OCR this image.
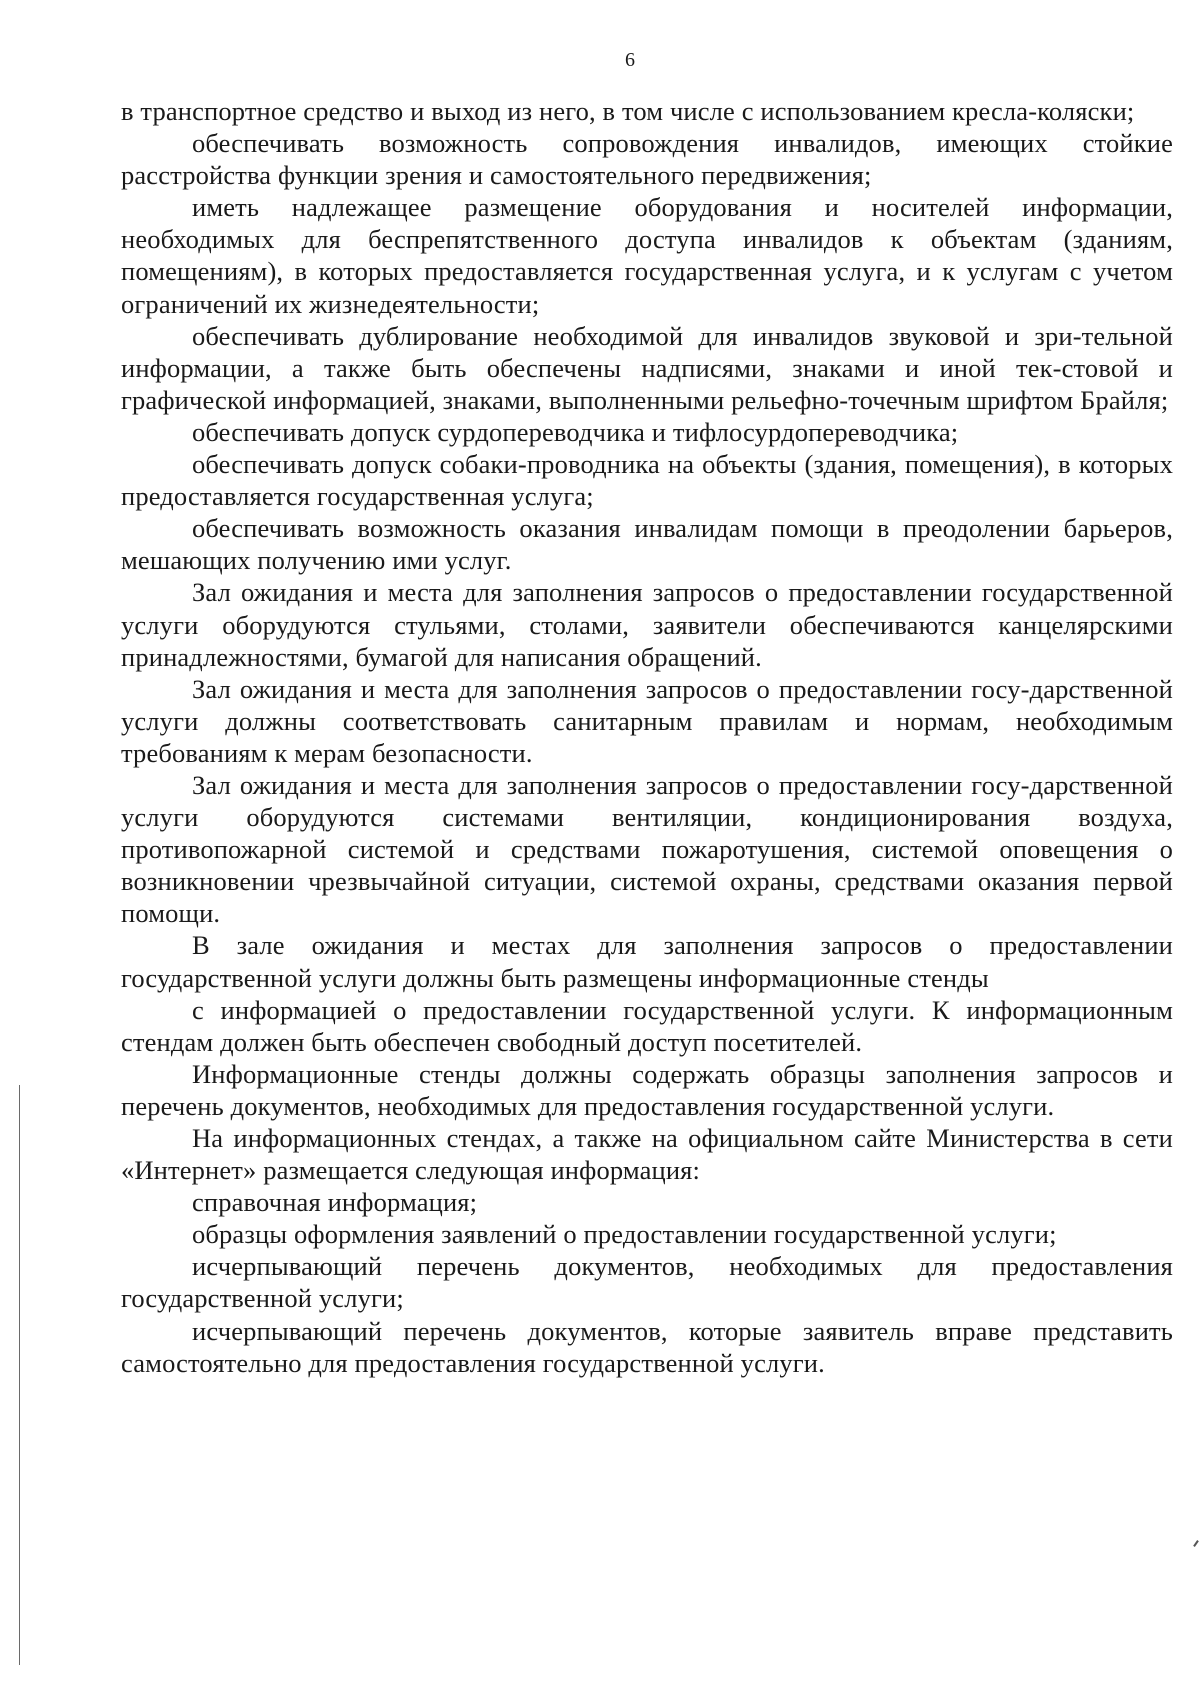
6

в транспортное средство и выход из него, в том числе с использованием кресла-коляски;

обеспечивать возможность сопровождения инвалидов, имеющих стойкие расстройства функции зрения и самостоятельного передвижения;

иметь надлежащее размещение оборудования и носителей информации, необходимых для беспрепятственного доступа инвалидов к объектам (зданиям, помещениям), в которых предоставляется государственная услуга, и к услугам с учетом ограничений их жизнедеятельности;

обеспечивать дублирование необходимой для инвалидов звуковой и зри-тельной информации, а также быть обеспечены надписями, знаками и иной тек-стовой и графической информацией, знаками, выполненными рельефно-точечным шрифтом Брайля;

обеспечивать допуск сурдопереводчика и тифлосурдопереводчика;

обеспечивать допуск собаки-проводника на объекты (здания, помещения), в которых предоставляется государственная услуга;

обеспечивать возможность оказания инвалидам помощи в преодолении барьеров, мешающих получению ими услуг.

Зал ожидания и места для заполнения запросов о предоставлении государственной услуги оборудуются стульями, столами, заявители обеспечиваются канцелярскими принадлежностями, бумагой для написания обращений.

Зал ожидания и места для заполнения запросов о предоставлении госу-дарственной услуги должны соответствовать санитарным правилам и нормам, необходимым требованиям к мерам безопасности.

Зал ожидания и места для заполнения запросов о предоставлении госу-дарственной услуги оборудуются системами вентиляции, кондиционирования воздуха, противопожарной системой и средствами пожаротушения, системой оповещения о возникновении чрезвычайной ситуации, системой охраны, средствами оказания первой помощи.

В зале ожидания и местах для заполнения запросов о предоставлении государственной услуги должны быть размещены информационные стенды

с информацией о предоставлении государственной услуги. К информационным стендам должен быть обеспечен свободный доступ посетителей.

Информационные стенды должны содержать образцы заполнения запросов и перечень документов, необходимых для предоставления государственной услуги.

На информационных стендах, а также на официальном сайте Министерства в сети «Интернет» размещается следующая информация:

справочная информация;

образцы оформления заявлений о предоставлении государственной услуги;

исчерпывающий перечень документов, необходимых для предоставления государственной услуги;

исчерпывающий перечень документов, которые заявитель вправе представить самостоятельно для предоставления государственной услуги.
